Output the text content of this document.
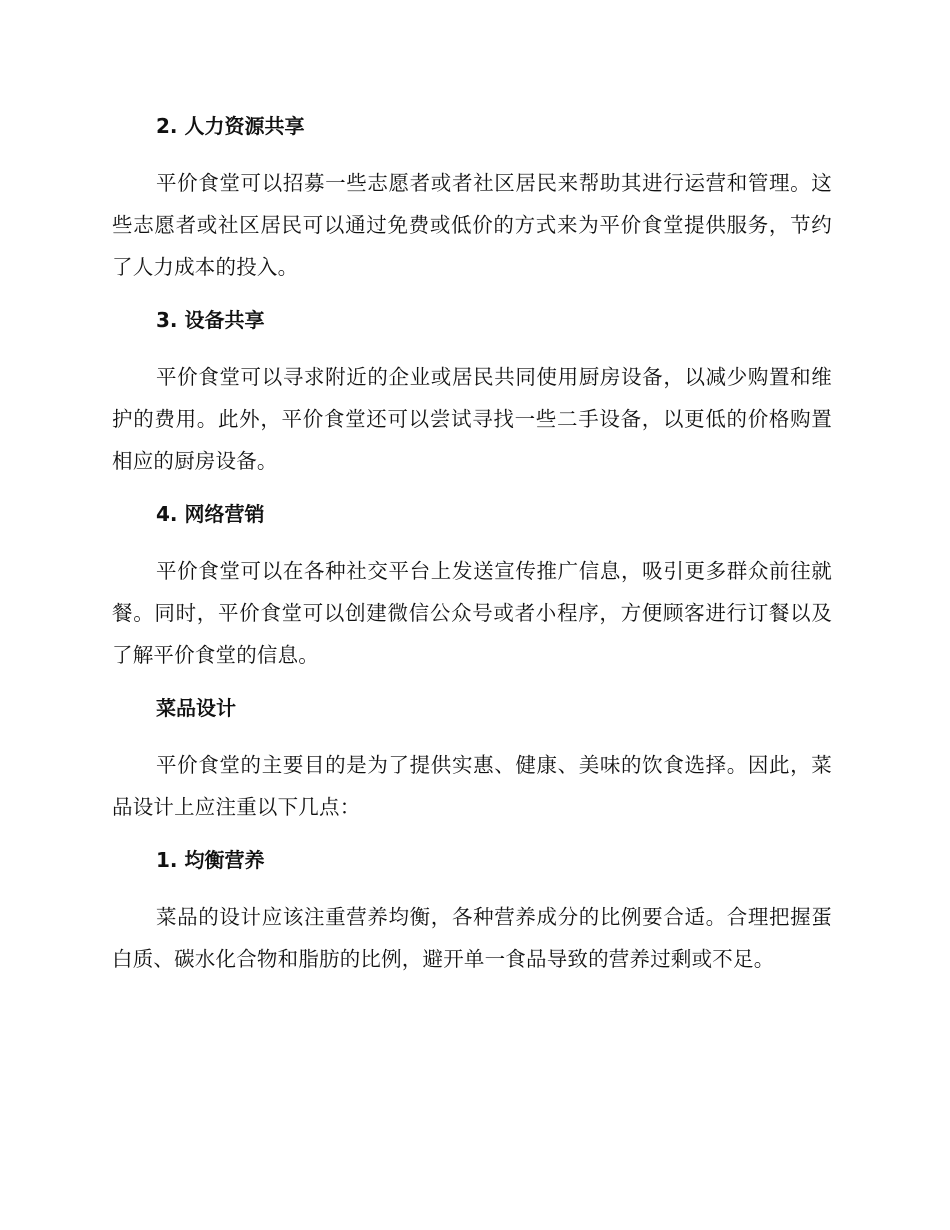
2. 人力资源共享

平价食堂可以招募一些志愿者或者社区居民来帮助其进行运营和管理。这些志愿者或社区居民可以通过免费或低价的方式来为平价食堂提供服务，节约了人力成本的投入。

3. 设备共享

平价食堂可以寻求附近的企业或居民共同使用厨房设备，以减少购置和维护的费用。此外，平价食堂还可以尝试寻找一些二手设备，以更低的价格购置相应的厨房设备。

4. 网络营销

平价食堂可以在各种社交平台上发送宣传推广信息，吸引更多群众前往就餐。同时，平价食堂可以创建微信公众号或者小程序，方便顾客进行订餐以及了解平价食堂的信息。

菜品设计

平价食堂的主要目的是为了提供实惠、健康、美味的饮食选择。因此，菜品设计上应注重以下几点：

1. 均衡营养

菜品的设计应该注重营养均衡，各种营养成分的比例要合适。合理把握蛋白质、碳水化合物和脂肪的比例，避开单一食品导致的营养过剩或不足。
